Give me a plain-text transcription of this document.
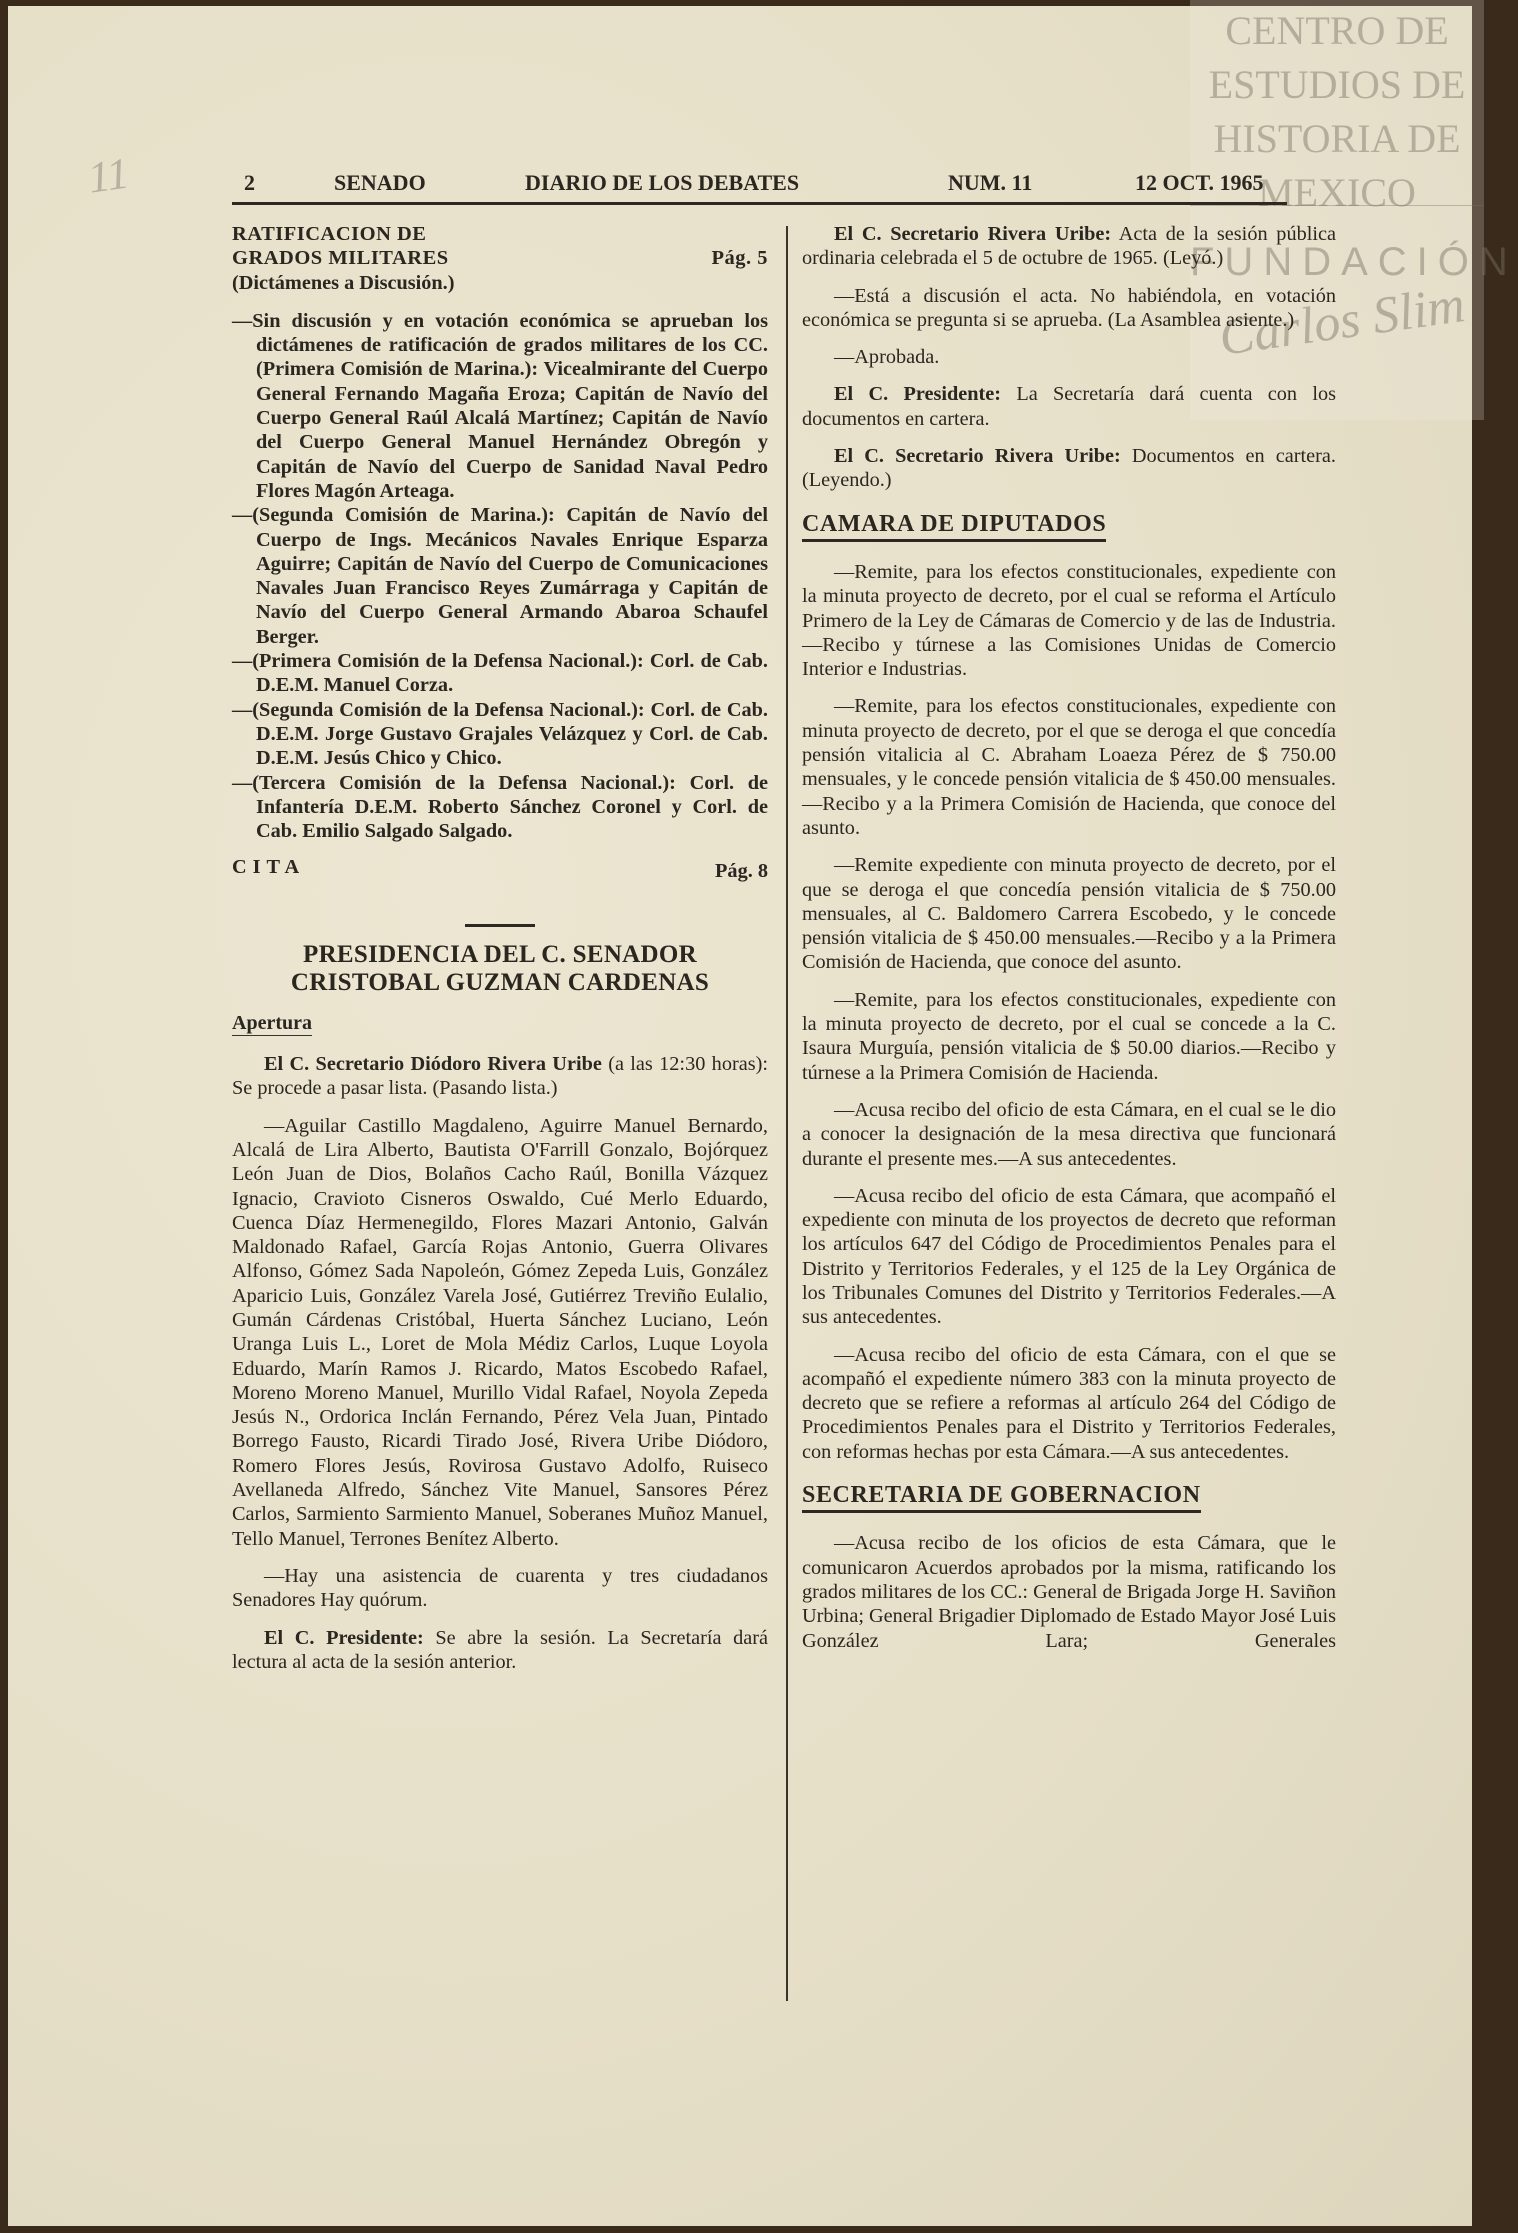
11
CENTRO DE ESTUDIOS DE HISTORIA DE MEXICO
FUNDACIÓN
Carlos Slim
2	SENADO	DIARIO DE LOS DEBATES	NUM. 11	12 OCT. 1965
RATIFICACION DE
GRADOS MILITARES	Pág. 5
(Dictámenes a Discusión.)

—Sin discusión y en votación económica se aprueban los dictámenes de ratificación de grados militares de los CC. (Primera Comisión de Marina.): Vicealmirante del Cuerpo General Fernando Magaña Eroza; Capitán de Navío del Cuerpo General Raúl Alcalá Martínez; Capitán de Navío del Cuerpo General Manuel Hernández Obregón y Capitán de Navío del Cuerpo de Sanidad Naval Pedro Flores Magón Arteaga.

—(Segunda Comisión de Marina.): Capitán de Navío del Cuerpo de Ings. Mecánicos Navales Enrique Esparza Aguirre; Capitán de Navío del Cuerpo de Comunicaciones Navales Juan Francisco Reyes Zumárraga y Capitán de Navío del Cuerpo General Armando Abaroa Schaufel Berger.

—(Primera Comisión de la Defensa Nacional.): Corl. de Cab. D.E.M. Manuel Corza.

—(Segunda Comisión de la Defensa Nacional.): Corl. de Cab. D.E.M. Jorge Gustavo Grajales Velázquez y Corl. de Cab. D.E.M. Jesús Chico y Chico.

—(Tercera Comisión de la Defensa Nacional.): Corl. de Infantería D.E.M. Roberto Sánchez Coronel y Corl. de Cab. Emilio Salgado Salgado.

CITA	Pág. 8
PRESIDENCIA DEL C. SENADOR
CRISTOBAL GUZMAN CARDENAS
Apertura

El C. Secretario Diódoro Rivera Uribe (a las 12:30 horas): Se procede a pasar lista. (Pasando lista.)

—Aguilar Castillo Magdaleno, Aguirre Manuel Bernardo, Alcalá de Lira Alberto, Bautista O'Farrill Gonzalo, Bojórquez León Juan de Dios, Bolaños Cacho Raúl, Bonilla Vázquez Ignacio, Cravioto Cisneros Oswaldo, Cué Merlo Eduardo, Cuenca Díaz Hermenegildo, Flores Mazari Antonio, Galván Maldonado Rafael, García Rojas Antonio, Guerra Olivares Alfonso, Gómez Sada Napoleón, Gómez Zepeda Luis, González Aparicio Luis, González Varela José, Gutiérrez Treviño Eulalio, Gumán Cárdenas Cristóbal, Huerta Sánchez Luciano, León Uranga Luis L., Loret de Mola Médiz Carlos, Luque Loyola Eduardo, Marín Ramos J. Ricardo, Matos Escobedo Rafael, Moreno Moreno Manuel, Murillo Vidal Rafael, Noyola Zepeda Jesús N., Ordorica Inclán Fernando, Pérez Vela Juan, Pintado Borrego Fausto, Ricardi Tirado José, Rivera Uribe Diódoro, Romero Flores Jesús, Rovirosa Gustavo Adolfo, Ruiseco Avellaneda Alfredo, Sánchez Vite Manuel, Sansores Pérez Carlos, Sarmiento Sarmiento Manuel, Soberanes Muñoz Manuel, Tello Manuel, Terrones Benítez Alberto.

—Hay una asistencia de cuarenta y tres ciudadanos Senadores Hay quórum.

El C. Presidente: Se abre la sesión. La Secretaría dará lectura al acta de la sesión anterior.

El C. Secretario Rivera Uribe: Acta de la sesión pública ordinaria celebrada el 5 de octubre de 1965. (Leyó.)

—Está a discusión el acta. No habiéndola, en votación económica se pregunta si se aprueba. (La Asamblea asiente.)

—Aprobada.

El C. Presidente: La Secretaría dará cuenta con los documentos en cartera.

El C. Secretario Rivera Uribe: Documentos en cartera. (Leyendo.)

CAMARA DE DIPUTADOS

—Remite, para los efectos constitucionales, expediente con la minuta proyecto de decreto, por el cual se reforma el Artículo Primero de la Ley de Cámaras de Comercio y de las de Industria.—Recibo y túrnese a las Comisiones Unidas de Comercio Interior e Industrias.

—Remite, para los efectos constitucionales, expediente con minuta proyecto de decreto, por el que se deroga el que concedía pensión vitalicia al C. Abraham Loaeza Pérez de $ 750.00 mensuales, y le concede pensión vitalicia de $ 450.00 mensuales.—Recibo y a la Primera Comisión de Hacienda, que conoce del asunto.

—Remite expediente con minuta proyecto de decreto, por el que se deroga el que concedía pensión vitalicia de $ 750.00 mensuales, al C. Baldomero Carrera Escobedo, y le concede pensión vitalicia de $ 450.00 mensuales.—Recibo y a la Primera Comisión de Hacienda, que conoce del asunto.

—Remite, para los efectos constitucionales, expediente con la minuta proyecto de decreto, por el cual se concede a la C. Isaura Murguía, pensión vitalicia de $ 50.00 diarios.—Recibo y túrnese a la Primera Comisión de Hacienda.

—Acusa recibo del oficio de esta Cámara, en el cual se le dio a conocer la designación de la mesa directiva que funcionará durante el presente mes.—A sus antecedentes.

—Acusa recibo del oficio de esta Cámara, que acompañó el expediente con minuta de los proyectos de decreto que reforman los artículos 647 del Código de Procedimientos Penales para el Distrito y Territorios Federales, y el 125 de la Ley Orgánica de los Tribunales Comunes del Distrito y Territorios Federales.—A sus antecedentes.

—Acusa recibo del oficio de esta Cámara, con el que se acompañó el expediente número 383 con la minuta proyecto de decreto que se refiere a reformas al artículo 264 del Código de Procedimientos Penales para el Distrito y Territorios Federales, con reformas hechas por esta Cámara.—A sus antecedentes.

SECRETARIA DE GOBERNACION

—Acusa recibo de los oficios de esta Cámara, que le comunicaron Acuerdos aprobados por la misma, ratificando los grados militares de los CC.: General de Brigada Jorge H. Saviñon Urbina; General Brigadier Diplomado de Estado Mayor José Luis González Lara; Generales
